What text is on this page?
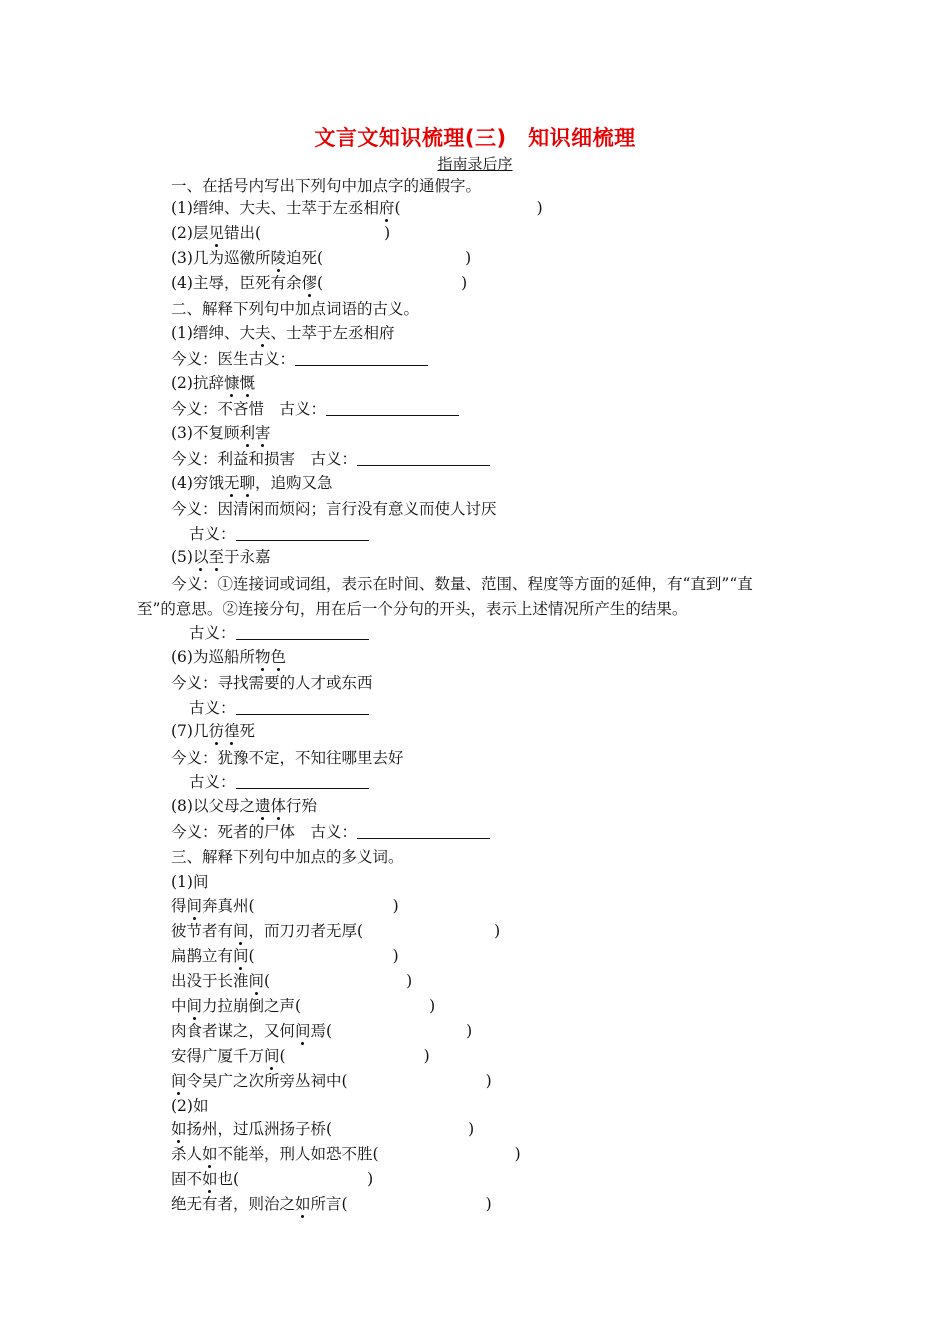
文言文知识梳理(三)　知识细梳理
指南录后序
一、在括号内写出下列句中加点字的通假字。
(1)缙绅、大夫、士萃于左丞相府(	)
(2)层见错出(	)
(3)几为巡徼所陵迫死(	)
(4)主辱，臣死有余僇(	)
二、解释下列句中加点词语的古义。
(1)缙绅、大夫、士萃于左丞相府
今义：医生古义：
(2)抗辞慷慨
今义：不吝惜　古义：
(3)不复顾利害
今义：利益和损害　古义：
(4)穷饿无聊，追购又急
今义：因清闲而烦闷；言行没有意义而使人讨厌
古义：
(5)以至于永嘉
今义：①连接词或词组，表示在时间、数量、范围、程度等方面的延伸，有“直到”“直
至”的意思。②连接分句，用在后一个分句的开头，表示上述情况所产生的结果。
古义：
(6)为巡船所物色
今义：寻找需要的人才或东西
古义：
(7)几彷徨死
今义：犹豫不定，不知往哪里去好
古义：
(8)以父母之遗体行殆
今义：死者的尸体　古义：
三、解释下列句中加点的多义词。
(1)间
得间奔真州(	)
彼节者有间，而刀刃者无厚(	)
扁鹊立有间(	)
出没于长淮间(	)
中间力拉崩倒之声(	)
肉食者谋之，又何间焉(	)
安得广厦千万间(	)
间令吴广之次所旁丛祠中(	)
(2)如
如扬州，过瓜洲扬子桥(	)
杀人如不能举，刑人如恐不胜(	)
固不如也(	)
绝无有者，则治之如所言(	)
